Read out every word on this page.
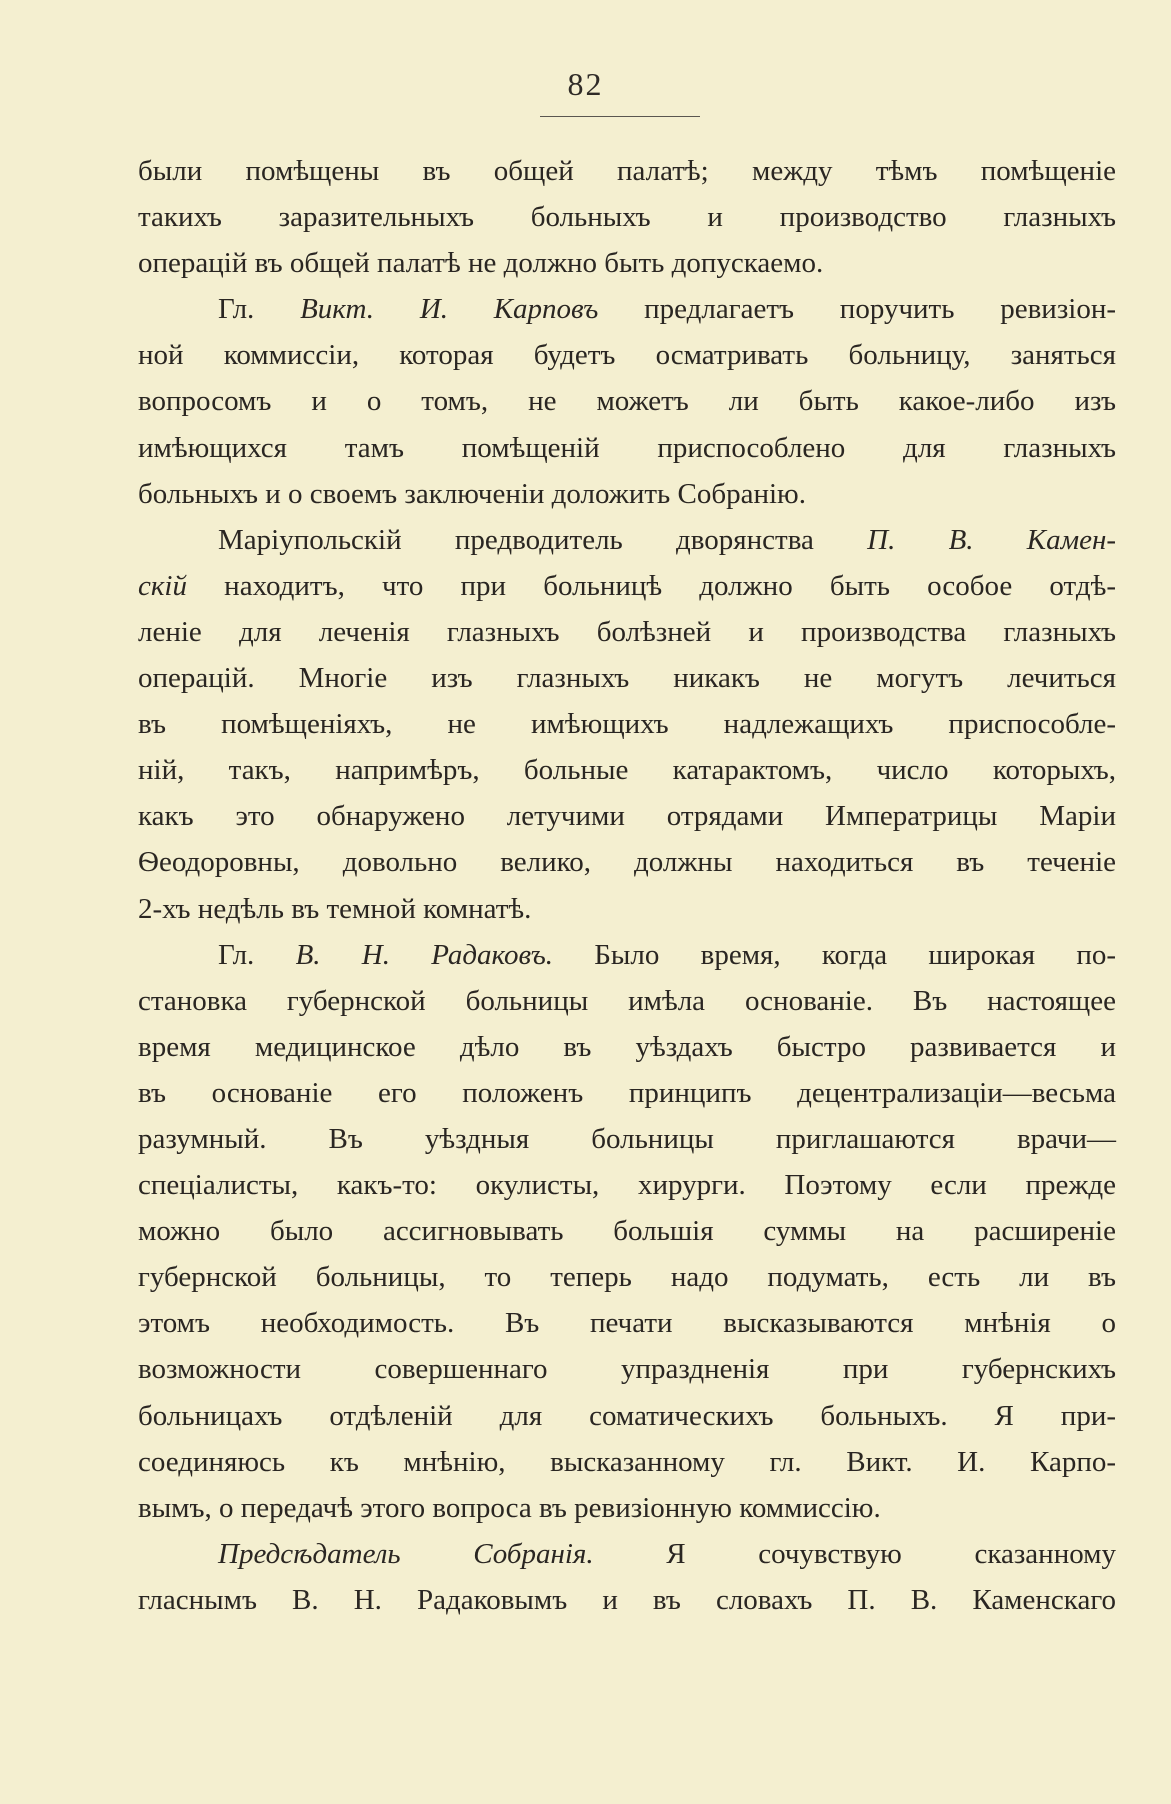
82
были помѣщены въ общей палатѣ; между тѣмъ помѣщеніе
такихъ заразительныхъ больныхъ и производство глазныхъ
операцій въ общей палатѣ не должно быть допускаемо.
Гл. Викт. И. Карповъ предлагаетъ поручить ревизіон-
ной коммиссіи, которая будетъ осматривать больницу, заняться
вопросомъ и о томъ, не можетъ ли быть какое-либо изъ
имѣющихся тамъ помѣщеній приспособлено для глазныхъ
больныхъ и о своемъ заключеніи доложить Собранію.
Маріупольскій предводитель дворянства П. В. Камен-
скій находитъ, что при больницѣ должно быть особое отдѣ-
леніе для леченія глазныхъ болѣзней и производства глазныхъ
операцій. Многіе изъ глазныхъ никакъ не могутъ лечиться
въ помѣщеніяхъ, не имѣющихъ надлежащихъ приспособле-
ній, такъ, напримѣръ, больные катарактомъ, число которыхъ,
какъ это обнаружено летучими отрядами Императрицы Маріи
Ѳеодоровны, довольно велико, должны находиться въ теченіе
2-хъ недѣль въ темной комнатѣ.
Гл. В. Н. Радаковъ. Было время, когда широкая по-
становка губернской больницы имѣла основаніе. Въ настоящее
время медицинское дѣло въ уѣздахъ быстро развивается и
въ основаніе его положенъ принципъ децентрализаціи—весьма
разумный. Въ уѣздныя больницы приглашаются врачи—
спеціалисты, какъ-то: окулисты, хирурги. Поэтому если прежде
можно было ассигновывать большія суммы на расширеніе
губернской больницы, то теперь надо подумать, есть ли въ
этомъ необходимость. Въ печати высказываются мнѣнія о
возможности совершеннаго упраздненія при губернскихъ
больницахъ отдѣленій для соматическихъ больныхъ. Я при-
соединяюсь къ мнѣнію, высказанному гл. Викт. И. Карпо-
вымъ, о передачѣ этого вопроса въ ревизіонную коммиссію.
Предсѣдатель Собранія. Я сочувствую сказанному
гласнымъ В. Н. Радаковымъ и въ словахъ П. В. Каменскаго
